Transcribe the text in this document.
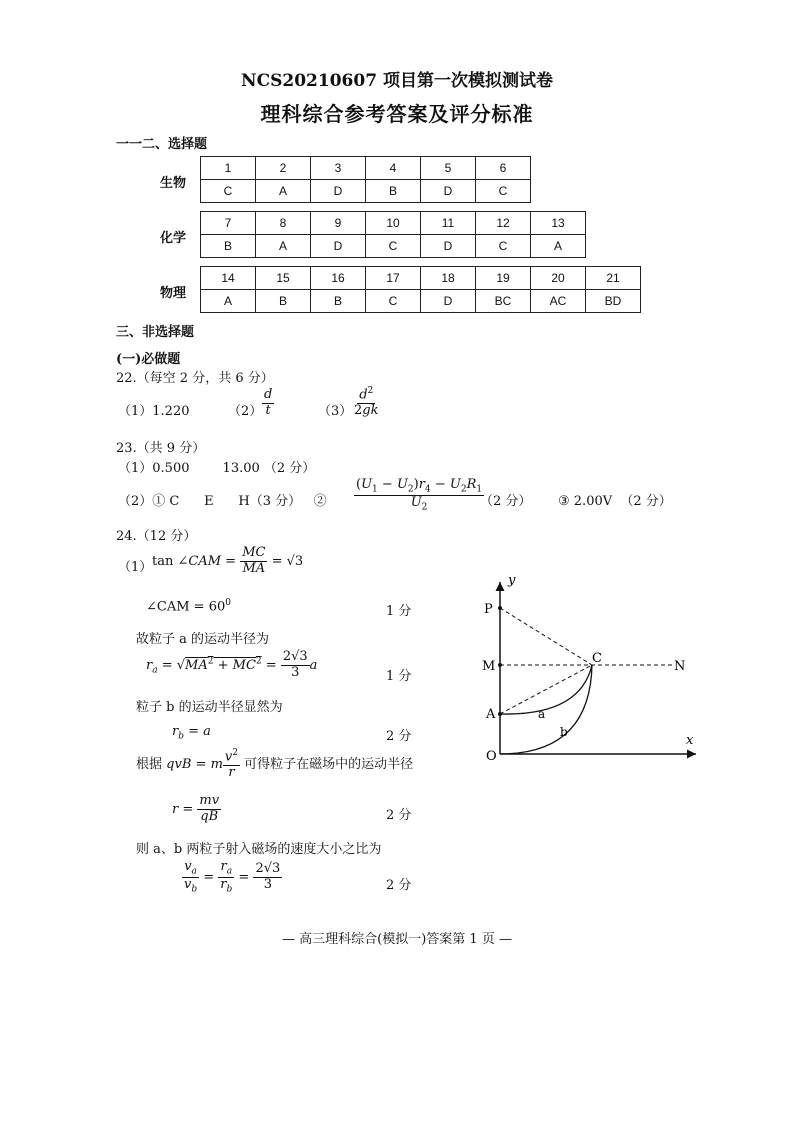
NCS20210607 项目第一次模拟测试卷
理科综合参考答案及评分标准
一一二、选择题
生物
1	2	3	4	5	6
C	A	D	B	D	C
化学
7	8	9	10	11	12	13
B	A	D	C	D	C	A
物理
14	15	16	17	18	19	20	21
A	B	B	C	D	BC	AC	BD
三、非选择题
(一)必做题
22.（每空 2 分，共 6 分）
（1）1.220	$(2) \frac{d}{t}$	$(3) \frac{d^2}{2gk}$
23.（共 9 分）
（1）0.500        13.00 （2 分）
（2）① C      E      H（3 分）   ② $\frac{(U_1 - U_2)r_4 - U_2R_1}{U_2}$
（2 分） ③ 2.00V  （2 分）
24.（12 分）
（1） tan ∠CAM = $\frac{MC}{MA} = √3$
∠CAM = $60^0$
1 分
故粒子 a 的运动半径为
$r_a = √MA^2 + MC^2 = \frac{2√3}{3}$ a
1 分
粒子 b 的运动半径显然为
$r_b = a$	2 分
根据 qvB = m $\frac{v^2}{r}$ 可得粒子在磁场中的运动半径
$r = \frac{mv}{qB}$	2 分
则 a、b 两粒子射入磁场的速度大小之比为
$\frac{v_a}{v_b} = \frac{r_a}{r_b} = \frac{2√3}{3}$	2 分
y
x
P
M
C
N
A
O
a
b
— 高三理科综合(模拟一)答案第 1 页 —
